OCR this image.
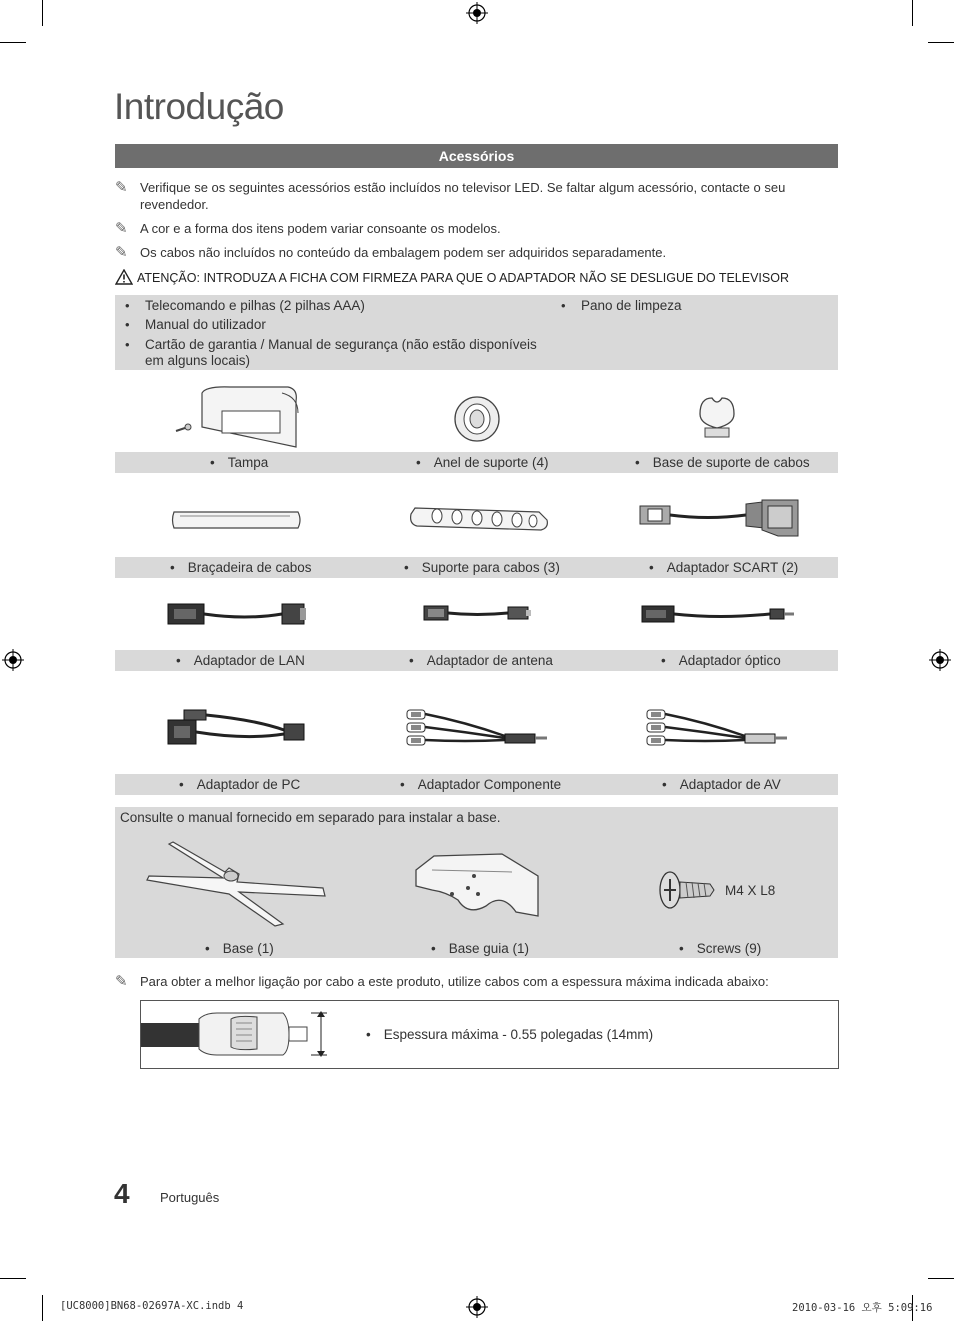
Introdução
Acessórios
✎ Verifique se os seguintes acessórios estão incluídos no televisor LED. Se faltar algum acessório, contacte o seu revendedor.
✎ A cor e a forma dos itens podem variar consoante os modelos.
✎ Os cabos não incluídos no conteúdo da embalagem podem ser adquiridos separadamente.
ATENÇÃO: INTRODUZA A FICHA COM FIRMEZA PARA QUE O ADAPTADOR NÃO SE DESLIGUE DO TELEVISOR
• Telecomando e pilhas (2 pilhas AAA)
• Manual do utilizador
• Cartão de garantia / Manual de segurança (não estão disponíveis em alguns locais)
• Pano de limpeza
• Tampa	• Anel de suporte (4)	• Base de suporte de cabos
• Braçadeira de cabos	• Suporte para cabos (3)	• Adaptador SCART (2)
• Adaptador de LAN	• Adaptador de antena	• Adaptador óptico
• Adaptador de PC	• Adaptador Componente	• Adaptador de AV
Consulte o manual fornecido em separado para instalar a base.
M4 X L8
• Base (1)	• Base guia (1)	• Screws (9)
✎ Para obter a melhor ligação por cabo a este produto, utilize cabos com a espessura máxima indicada abaixo:
• Espessura máxima - 0.55 polegadas (14mm)
4 Português
[UC8000]BN68-02697A-XC.indb 4	2010-03-16 오후 5:09:16
